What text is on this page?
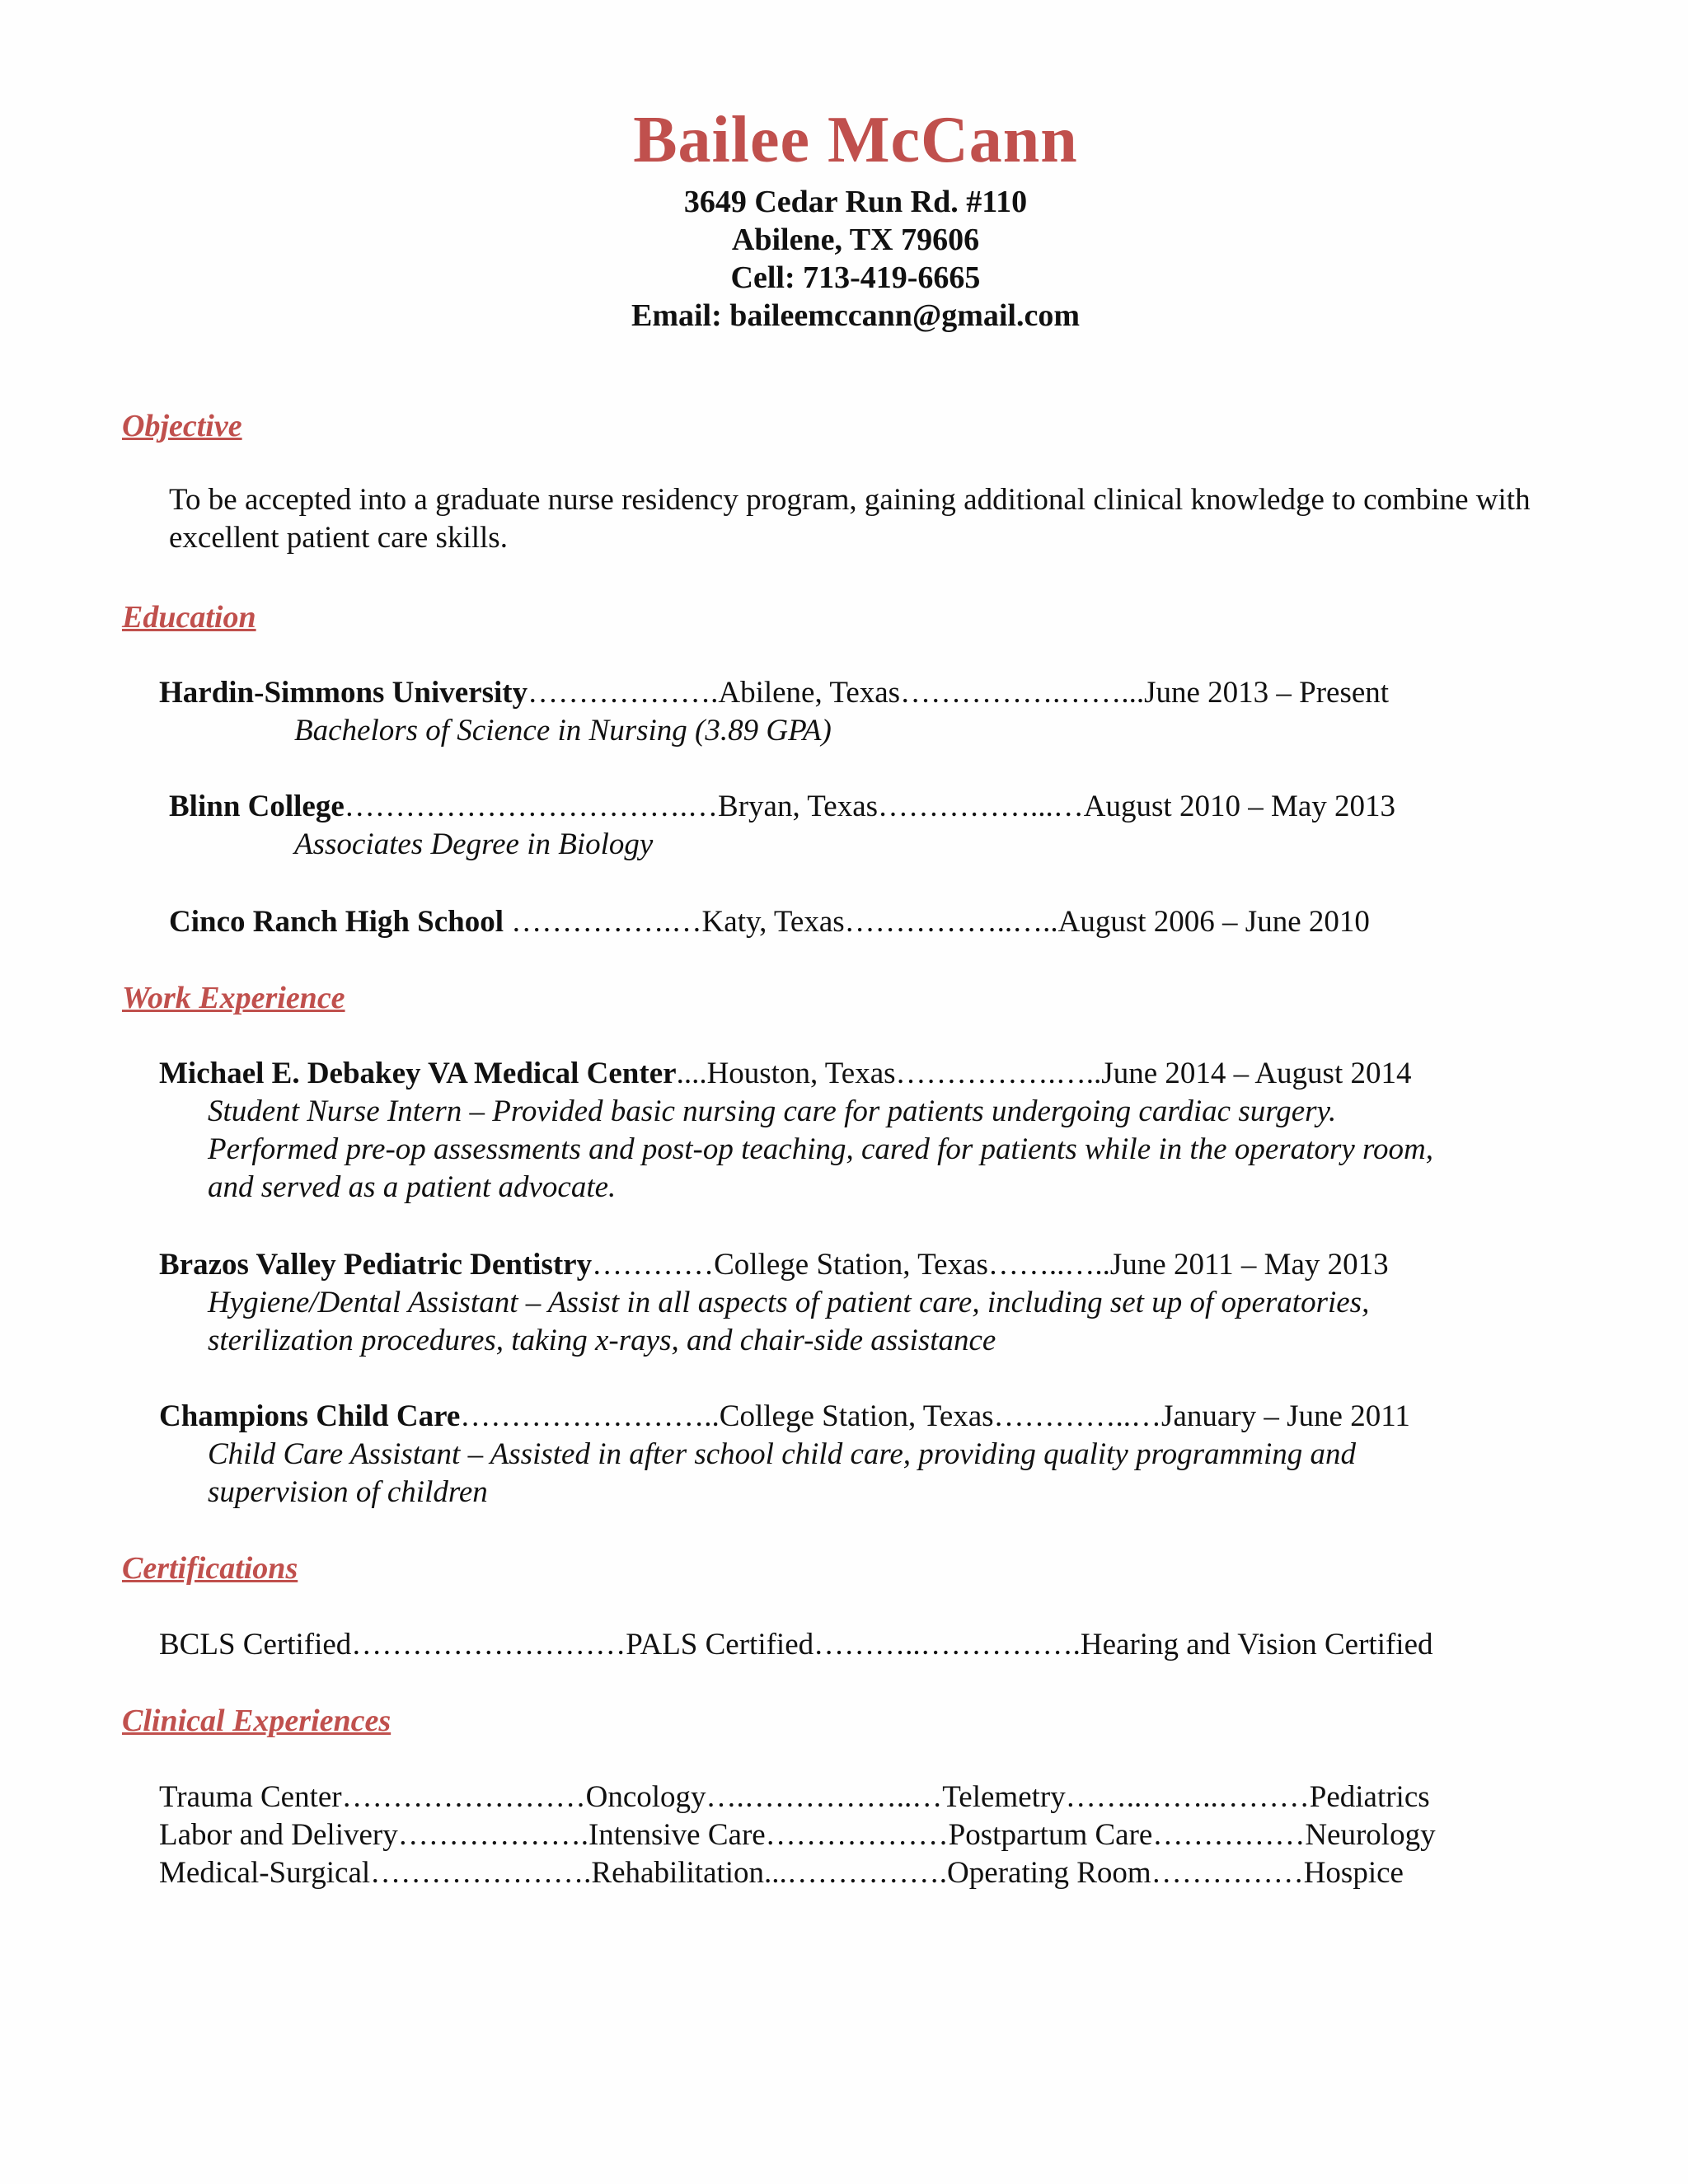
Bailee McCann
3649 Cedar Run Rd. #110
Abilene, TX 79606
Cell: 713-419-6665
Email: baileemccann@gmail.com
Objective
To be accepted into a graduate nurse residency program, gaining additional clinical knowledge to combine with excellent patient care skills.
Education
Hardin-Simmons University……………….Abilene, Texas…………….……...June 2013 – Present
Bachelors of Science in Nursing (3.89 GPA)
Blinn College…………………………….…Bryan, Texas……………...…August 2010 – May 2013
Associates Degree in Biology
Cinco Ranch High School …………….…Katy, Texas……………..…..August 2006 – June 2010
Work Experience
Michael E. Debakey VA Medical Center....Houston, Texas…………….…..June 2014 – August 2014
Student Nurse Intern – Provided basic nursing care for patients undergoing cardiac surgery.
Performed pre-op assessments and post-op teaching, cared for patients while in the operatory room,
and served as a patient advocate.
Brazos Valley Pediatric Dentistry…………College Station, Texas……..…..June 2011 – May 2013
Hygiene/Dental Assistant – Assist in all aspects of patient care, including set up of operatories,
sterilization procedures, taking x-rays, and chair-side assistance
Champions Child Care……………………..College Station, Texas…………..…January – June 2011
Child Care Assistant – Assisted in after school child care, providing quality programming and
supervision of children
Certifications
BCLS Certified………………………PALS Certified………..…………….Hearing and Vision Certified
Clinical Experiences
Trauma Center……………………Oncology….……………..…Telemetry……..……..………Pediatrics
Labor and Delivery……………….Intensive Care………………Postpartum Care……………Neurology
Medical-Surgical………………….Rehabilitation...…………….Operating Room……………Hospice
